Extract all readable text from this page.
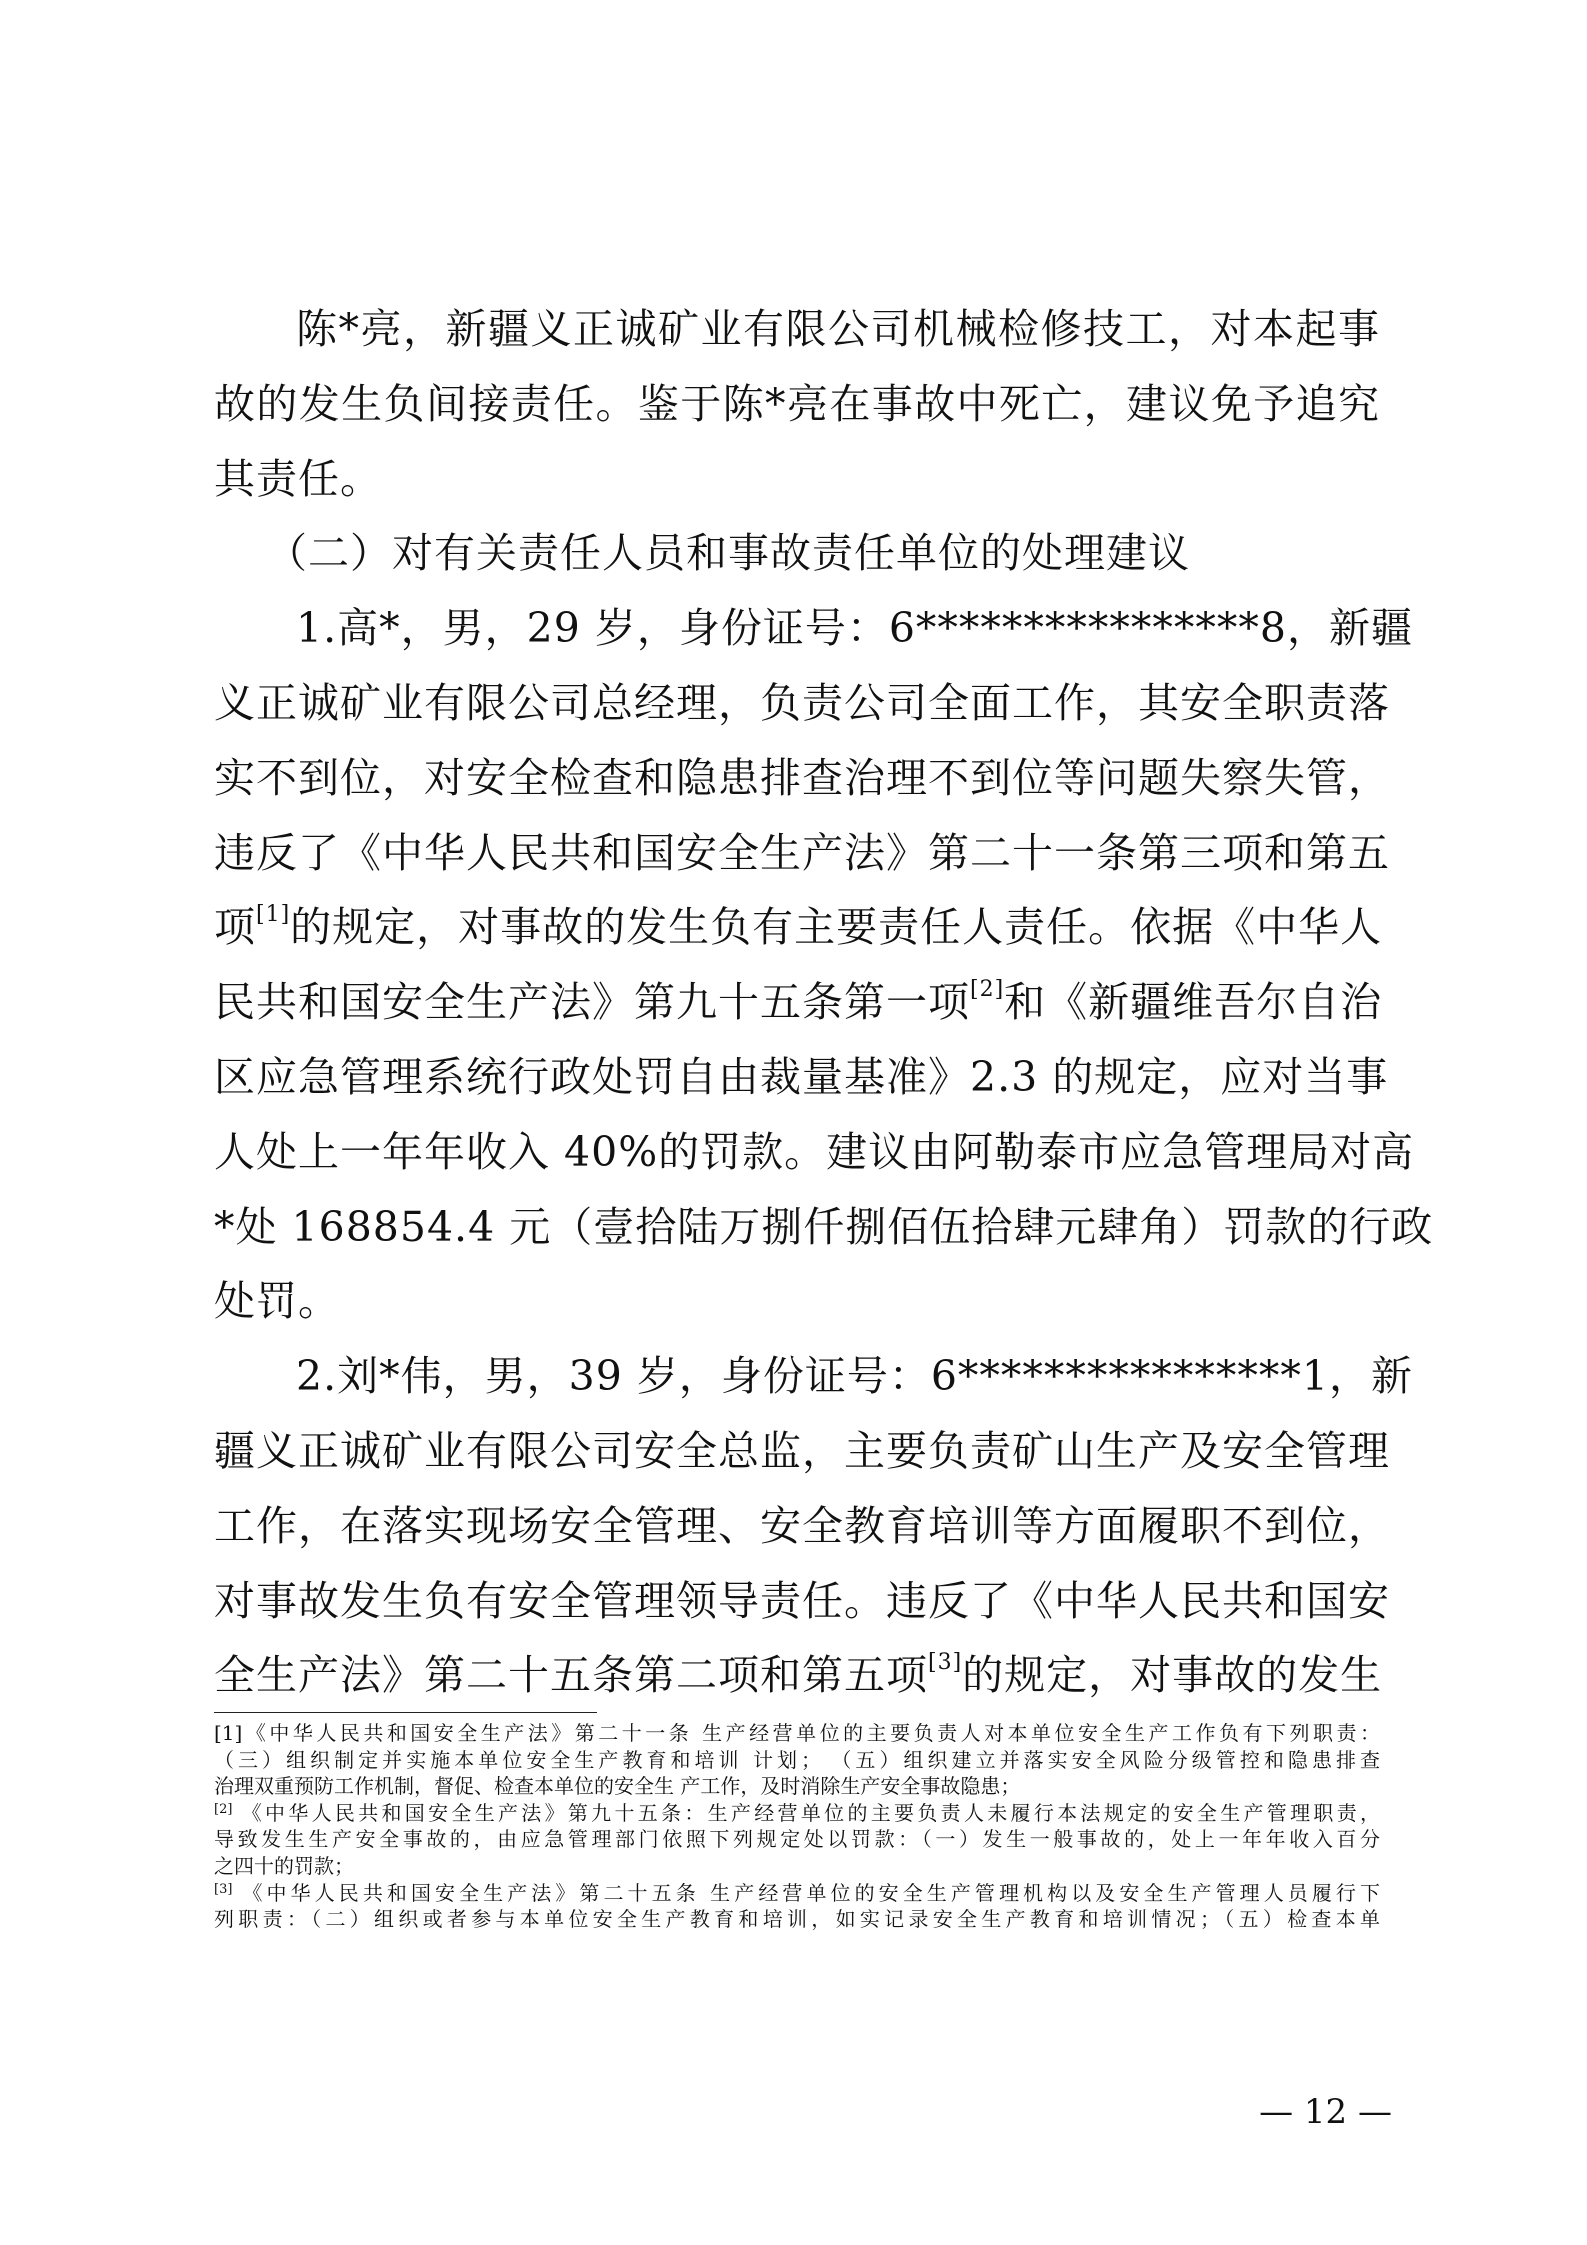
陈*亮，新疆义正诚矿业有限公司机械检修技工，对本起事
故的发生负间接责任。鉴于陈*亮在事故中死亡，建议免予追究
其责任。
（二）对有关责任人员和事故责任单位的处理建议
1.高*，男，29 岁，身份证号：6****************8，新疆
义正诚矿业有限公司总经理，负责公司全面工作，其安全职责落
实不到位，对安全检查和隐患排查治理不到位等问题失察失管，
违反了《中华人民共和国安全生产法》第二十一条第三项和第五
项[1]的规定，对事故的发生负有主要责任人责任。依据《中华人
民共和国安全生产法》第九十五条第一项[2]和《新疆维吾尔自治
区应急管理系统行政处罚自由裁量基准》2.3 的规定，应对当事
人处上一年年收入 40%的罚款。建议由阿勒泰市应急管理局对高
*处 168854.4 元（壹拾陆万捌仟捌佰伍拾肆元肆角）罚款的行政
处罚。
2.刘*伟，男，39 岁，身份证号：6****************1，新
疆义正诚矿业有限公司安全总监，主要负责矿山生产及安全管理
工作，在落实现场安全管理、安全教育培训等方面履职不到位，
对事故发生负有安全管理领导责任。违反了《中华人民共和国安
全生产法》第二十五条第二项和第五项[3]的规定，对事故的发生
[1]《中华人民共和国安全生产法》第二十一条 生产经营单位的主要负责人对本单位安全生产工作负有下列职责：
（三）组织制定并实施本单位安全生产教育和培训 计划； （五）组织建立并落实安全风险分级管控和隐患排查
治理双重预防工作机制，督促、检查本单位的安全生 产工作，及时消除生产安全事故隐患；
[2] 《中华人民共和国安全生产法》第九十五条：生产经营单位的主要负责人未履行本法规定的安全生产管理职责，
导致发生生产安全事故的，由应急管理部门依照下列规定处以罚款：（一）发生一般事故的，处上一年年收入百分
之四十的罚款；
[3] 《中华人民共和国安全生产法》第二十五条 生产经营单位的安全生产管理机构以及安全生产管理人员履行下
列职责：（二）组织或者参与本单位安全生产教育和培训，如实记录安全生产教育和培训情况；（五）检查本单
— 12 —
